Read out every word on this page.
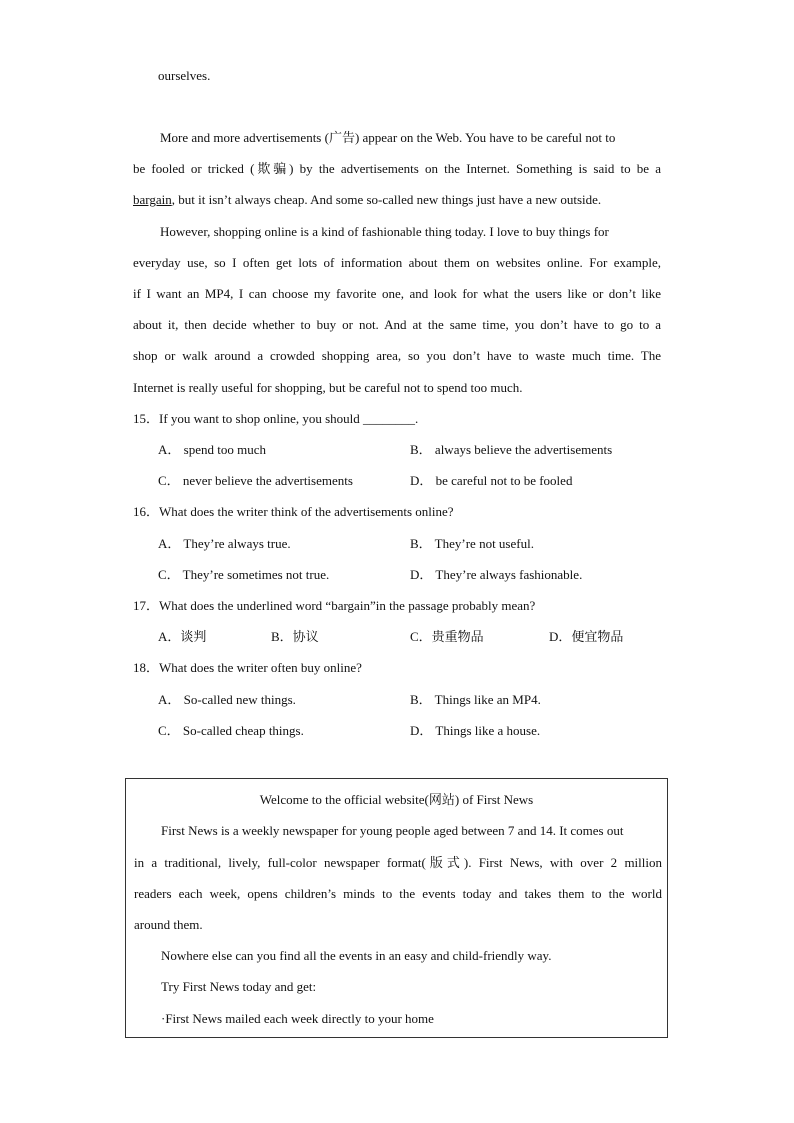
ourselves.
More and more advertisements (广告) appear on the Web. You have to be careful not to
be fooled or tricked (欺骗) by the advertisements on the Internet. Something is said to be a
bargain, but it isn’t always cheap. And some so-called new things just have a new outside.
However, shopping online is a kind of fashionable thing today. I love to buy things for
everyday use, so I often get lots of information about them on websites online. For example,
if I want an MP4, I can choose my favorite one, and look for what the users like or don’t like
about it, then decide whether to buy or not. And at the same time, you don’t have to go to a
shop or walk around a crowded shopping area, so you don’t have to waste much time. The
Internet is really useful for shopping, but be careful not to spend too much.
15．If you want to shop online, you should ________.
A． spend too much	B． always believe the advertisements
C． never believe the advertisements	D． be careful not to be fooled
16．What does the writer think of the advertisements online?
A． They’re always true.	B． They’re not useful.
C． They’re sometimes not true.	D． They’re always fashionable.
17．What does the underlined word “bargain”in the passage probably mean?
A．谈判	B．协议	C．贵重物品	D．便宜物品
18．What does the writer often buy online?
A． So-called new things.	B． Things like an MP4.
C． So-called cheap things.	D． Things like a house.
Welcome to the official website(网站) of First News
First News is a weekly newspaper for young people aged between 7 and 14. It comes out
in a traditional, lively, full-color newspaper format(版式). First News, with over 2 million
readers each week, opens children’s minds to the events today and takes them to the world
around them.
Nowhere else can you find all the events in an easy and child-friendly way.
Try First News today and get:
·First News mailed each week directly to your home
